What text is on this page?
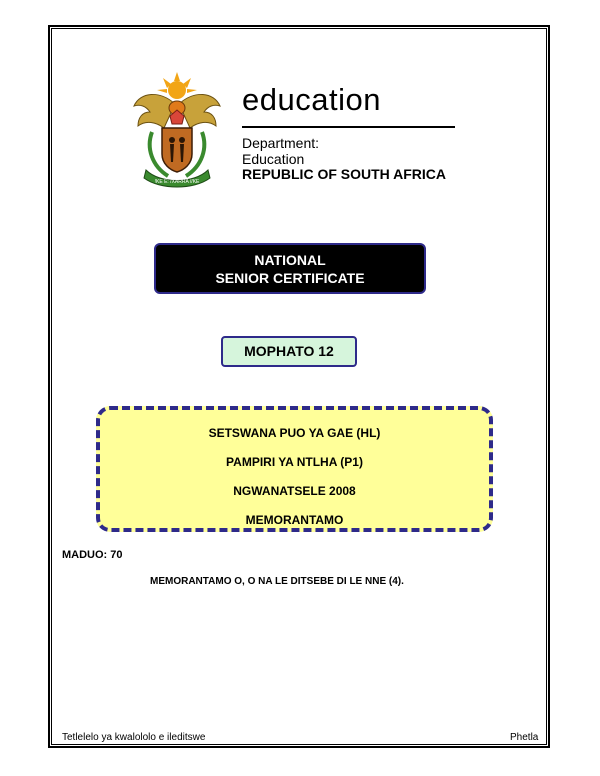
!KE E: /XARRA //KE
education
Department:
Education
REPUBLIC OF SOUTH AFRICA
NATIONAL
SENIOR CERTIFICATE
MOPHATO 12
SETSWANA PUO YA GAE (HL)
PAMPIRI YA NTLHA (P1)
NGWANATSELE 2008
MEMORANTAMO
MADUO: 70
MEMORANTAMO O, O NA LE DITSEBE DI LE NNE (4).
Tetlelelo ya kwalololo e ileditswe	Phetla
